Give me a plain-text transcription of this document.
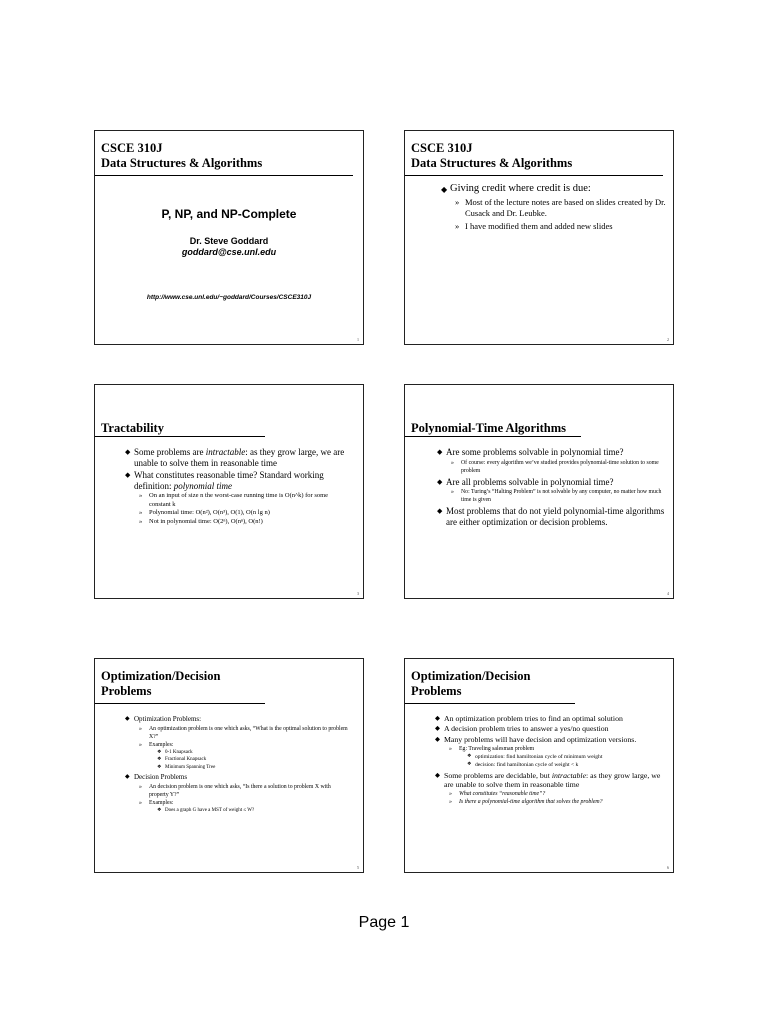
CSCE 310J
Data Structures & Algorithms
P, NP, and NP-Complete
Dr. Steve Goddard
goddard@cse.unl.edu
http://www.cse.unl.edu/~goddard/Courses/CSCE310J
1
CSCE 310J
Data Structures & Algorithms
◆ Giving credit where credit is due:
» Most of the lecture notes are based on slides created by Dr. Cusack and Dr. Leubke.
» I have modified them and added new slides
2
Tractability
◆ Some problems are intractable: as they grow large, we are unable to solve them in reasonable time
◆ What constitutes reasonable time? Standard working definition: polynomial time
» On an input of size n the worst-case running time is O(n^k) for some constant k
» Polynomial time: O(n²), O(n³), O(1), O(n lg n)
» Not in polynomial time: O(2ⁿ), O(nⁿ), O(n!)
3
Polynomial-Time Algorithms
◆ Are some problems solvable in polynomial time?
» Of course: every algorithm we’ve studied provides polynomial-time solution to some problem
◆ Are all problems solvable in polynomial time?
» No: Turing’s “Halting Problem” is not solvable by any computer, no matter how much time is given
◆ Most problems that do not yield polynomial-time algorithms are either optimization or decision problems.
4
Optimization/Decision
Problems
◆ Optimization Problems:
» An optimization problem is one which asks, “What is the optimal solution to problem X?”
» Examples:
❖ 0-1 Knapsack
❖ Fractional Knapsack
❖ Minimum Spanning Tree
◆ Decision Problems
» An decision problem is one which asks, “Is there a solution to problem X with property Y?”
» Examples:
❖ Does a graph G have a MST of weight ≤ W?
5
Optimization/Decision
Problems
◆ An optimization problem tries to find an optimal solution
◆ A decision problem tries to answer a yes/no question
◆ Many problems will have decision and optimization versions.
» Eg: Traveling salesman problem
❖ optimization: find hamiltonian cycle of minimum weight
❖ decision: find hamiltonian cycle of weight < k
◆ Some problems are decidable, but intractable: as they grow large, we are unable to solve them in reasonable time
» What constitutes “reasonable time”?
» Is there a polynomial-time algorithm that solves the problem?
6
Page 1
